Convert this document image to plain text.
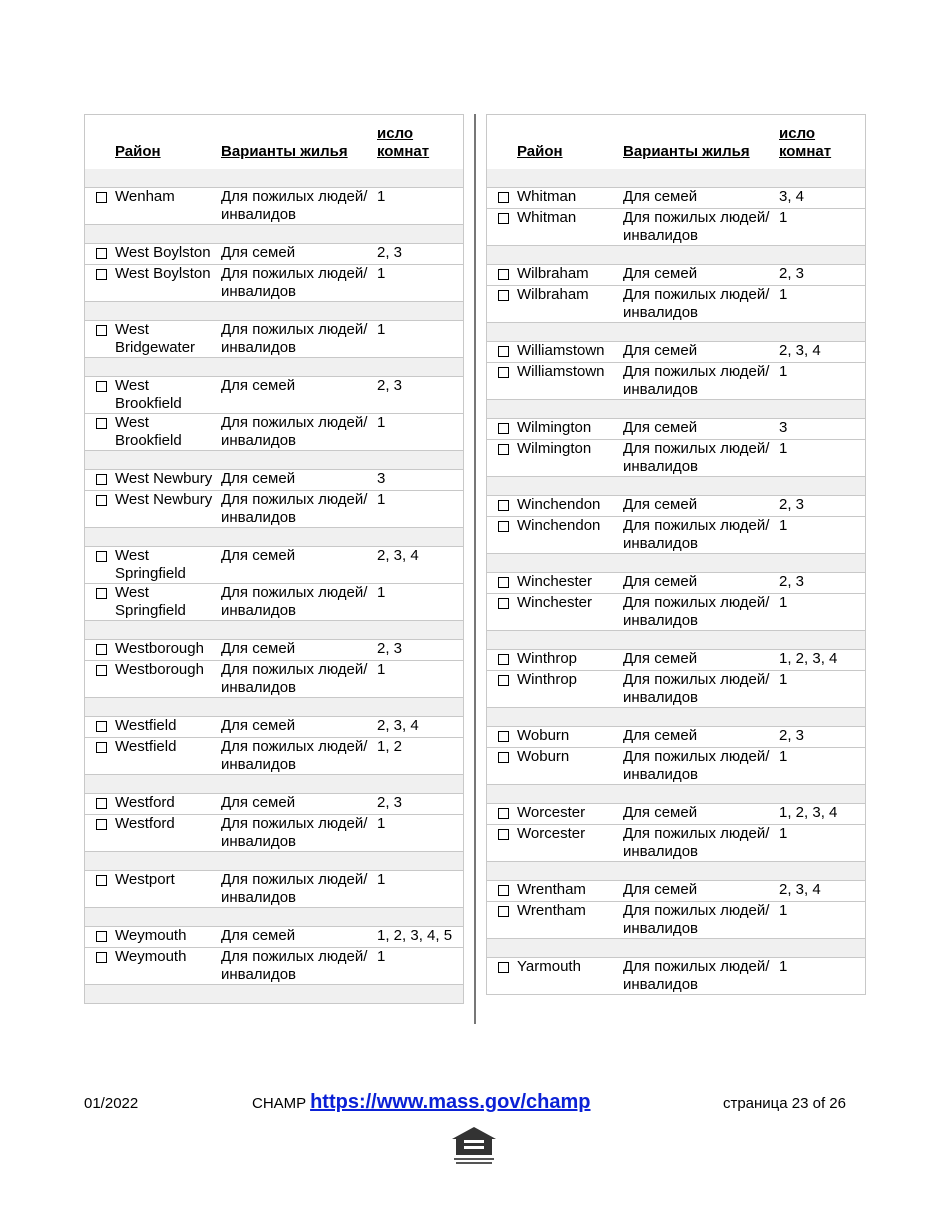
	Район	Варианты жилья	исло
комнат

	Wenham	Для пожилых людей/инвалидов	1

	West Boylston	Для семей	2, 3
	West Boylston	Для пожилых людей/инвалидов	1

	West Bridgewater	Для пожилых людей/инвалидов	1

	West Brookfield	Для семей	2, 3
	West Brookfield	Для пожилых людей/инвалидов	1

	West Newbury	Для семей	3
	West Newbury	Для пожилых людей/инвалидов	1

	West Springfield	Для семей	2, 3, 4
	West Springfield	Для пожилых людей/инвалидов	1

	Westborough	Для семей	2, 3
	Westborough	Для пожилых людей/инвалидов	1

	Westfield	Для семей	2, 3, 4
	Westfield	Для пожилых людей/инвалидов	1, 2

	Westford	Для семей	2, 3
	Westford	Для пожилых людей/инвалидов	1

	Westport	Для пожилых людей/инвалидов	1

	Weymouth	Для семей	1, 2, 3, 4, 5
	Weymouth	Для пожилых людей/инвалидов	1

	Район	Варианты жилья	исло
комнат

	Whitman	Для семей	3, 4
	Whitman	Для пожилых людей/инвалидов	1

	Wilbraham	Для семей	2, 3
	Wilbraham	Для пожилых людей/инвалидов	1

	Williamstown	Для семей	2, 3, 4
	Williamstown	Для пожилых людей/инвалидов	1

	Wilmington	Для семей	3
	Wilmington	Для пожилых людей/инвалидов	1

	Winchendon	Для семей	2, 3
	Winchendon	Для пожилых людей/инвалидов	1

	Winchester	Для семей	2, 3
	Winchester	Для пожилых людей/инвалидов	1

	Winthrop	Для семей	1, 2, 3, 4
	Winthrop	Для пожилых людей/инвалидов	1

	Woburn	Для семей	2, 3
	Woburn	Для пожилых людей/инвалидов	1

	Worcester	Для семей	1, 2, 3, 4
	Worcester	Для пожилых людей/инвалидов	1

	Wrentham	Для семей	2, 3, 4
	Wrentham	Для пожилых людей/инвалидов	1

	Yarmouth	Для пожилых людей/инвалидов	1
01/2022	CHAMP https://www.mass.gov/champ	страница 23 of 26
